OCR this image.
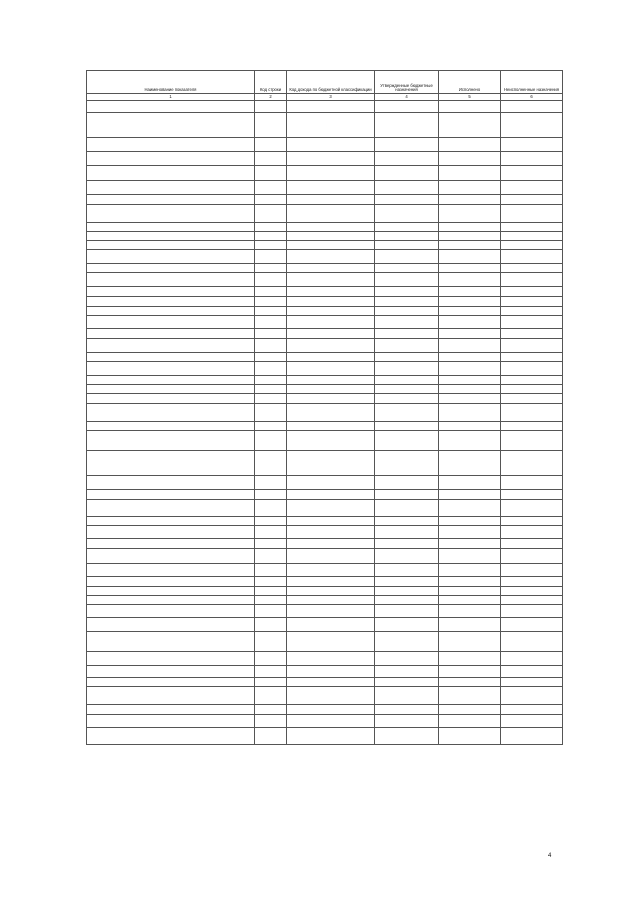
Наименование показателя	Код строки	Код дохода по бюджетной классификации	Утвержденные бюджетные назначения	Исполнено	Неисполненные назначения
1	2	3	4	5	6

4
